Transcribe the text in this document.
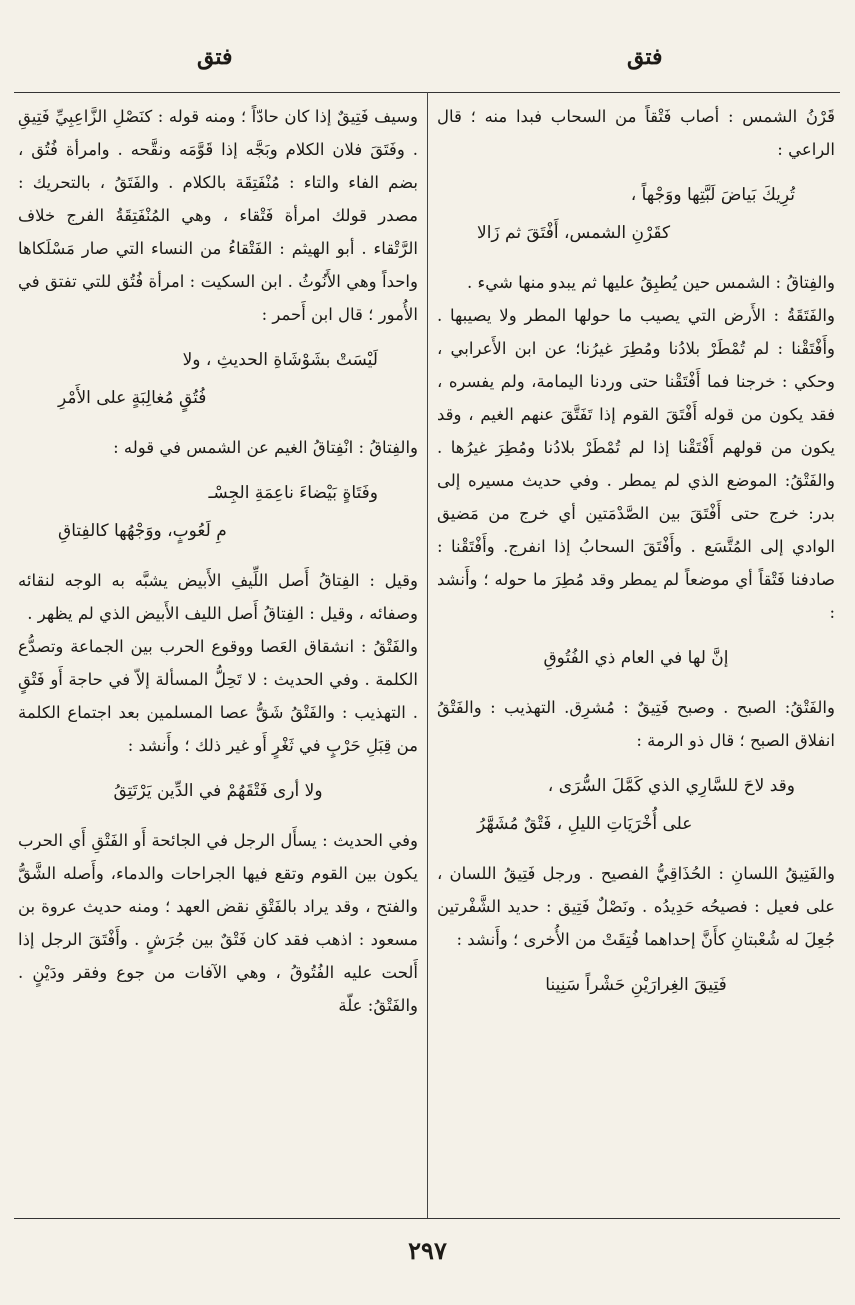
فتق	فتق

قَرْنُ الشمس : أصاب فَتْقاً من السحاب فبدا منه ؛ قال الراعي :

تُرِيكَ بَياضَ لَبَّتِها ووَجْهاً ،
كقَرْنِ الشمس، أَفْتَقَ ثم زَالا

والفِتاقُ : الشمس حين يُطبِقُ عليها ثم يبدو منها شيء .

والفَتَقَةُ : الأَرض التي يصيب ما حولها المطر ولا يصيبها . وأَفْتَقْنا : لم تُمْطَرْ بلادُنا ومُطِرَ غيرُنا؛ عن ابن الأَعرابي ، وحكي : خرجنا فما أَفْتَقْنا حتى وردنا اليمامة، ولم يفسره ، فقد يكون من قوله أَفْتَقَ القوم إذا تَفَتَّقَ عنهم الغيم ، وقد يكون من قولهم أَفْتَقْنا إذا لم تُمْطَرْ بلادُنا ومُطِرَ غيرُها . والفَتْقُ: الموضع الذي لم يمطر . وفي حديث مسيره إلى بدر: خرج حتى أَفْتَقَ بين الصَّدْمَتين أي خرج من مَضيق الوادي إلى المُتَّسَع . وأَفْتَقَ السحابُ إذا انفرج. وأَفْتَقْنا : صادفنا فَتْقاً أي موضعاً لم يمطر وقد مُطِرَ ما حوله ؛ وأَنشد :

إنَّ لها في العام ذي الفُتُوقِ

والفَتْقُ: الصبح . وصبح فَتِيقٌ : مُشرِق. التهذيب : والفَتْقُ انفلاق الصبح ؛ قال ذو الرمة :

وقد لاحَ للسَّارِي الذي كَمَّلَ السُّرَى ،
على أُخْرَيَاتِ الليلِ ، فَتْقٌ مُشَهَّرُ

والفَتِيقُ اللسانِ : الحُذَاقِيُّ الفصيح . ورجل فَتِيقُ اللسان ، على فعيل : فصيحُه حَدِيدُه . ونَصْلٌ فَتِيق : حديد الشَّفْرتين جُعِلَ له شُعْبتانِ كأَنَّ إحداهما فُتِقَتْ من الأُخرى ؛ وأَنشد :

فَتِيقَ الغِرارَيْنِ حَشْراً سَنِينا

وسيف فَتِيقٌ إذا كان حادّاً ؛ ومنه قوله : كنَصْلِ الزَّاعِبِيِّ فَتِيقِ . وفَتَقَ فلان الكلام وبَجَّه إذا قَوَّمَه ونقَّحه . وامرأة فُتُق ، بضم الفاء والتاء : مُنْفَتِقَة بالكلام . والفَتَقُ ، بالتحريك : مصدر قولك امرأة فَتْقاء ، وهي المُنْفَتِقَةُ الفرج خلاف الرَّتْقاء . أبو الهيثم : الفَتْقاءُ من النساء التي صار مَسْلَكاها واحداً وهي الأَنُوثُ . ابن السكيت : امرأة فُتُق للتي تفتق في الأُمور ؛ قال ابن أَحمر :

لَيْسَتْ بشَوْشَاةِ الحديثِ ، ولا
فُتُقٍ مُغالِبَةٍ على الأَمْرِ

والفِتاقُ : انْفِتاقُ الغيم عن الشمس في قوله :

وفَتَاةٍ بَيْضاءَ ناعِمَةِ الجِسْـ
مِ لَعُوبٍ، ووَجْهُها كالفِتاقِ

وقيل : الفِتاقُ أَصل اللِّيفِ الأَبيض يشبَّه به الوجه لنقائه وصفائه ، وقيل : الفِتاقُ أَصل الليف الأَبيض الذي لم يظهر .

والفَتْقُ : انشقاق العَصا ووقوع الحرب بين الجماعة وتصدُّع الكلمة . وفي الحديث : لا تَحِلُّ المسألة إلاّ في حاجة أَو فَتْقٍ . التهذيب : والفَتْقُ شَقُّ عصا المسلمين بعد اجتماع الكلمة من قِبَلِ حَرْبٍ في ثَغْرٍ أَو غير ذلك ؛ وأَنشد :

ولا أرى فَتْقَهُمْ في الدِّين يَرْتَتِقُ

وفي الحديث : يسأَل الرجل في الجائحة أَو الفَتْقِ أَي الحرب يكون بين القوم وتقع فيها الجراحات والدماء، وأَصله الشَّقُّ والفتح ، وقد يراد بالفَتْقِ نقض العهد ؛ ومنه حديث عروة بن مسعود : اذهب فقد كان فَتْقٌ بين جُرَشٍ . وأَفْتَقَ الرجل إذا أَلحت عليه الفُتُوقُ ، وهي الآفات من جوع وفقر ودَيْنٍ . والفَتْقُ: علّة

٢٩٧
